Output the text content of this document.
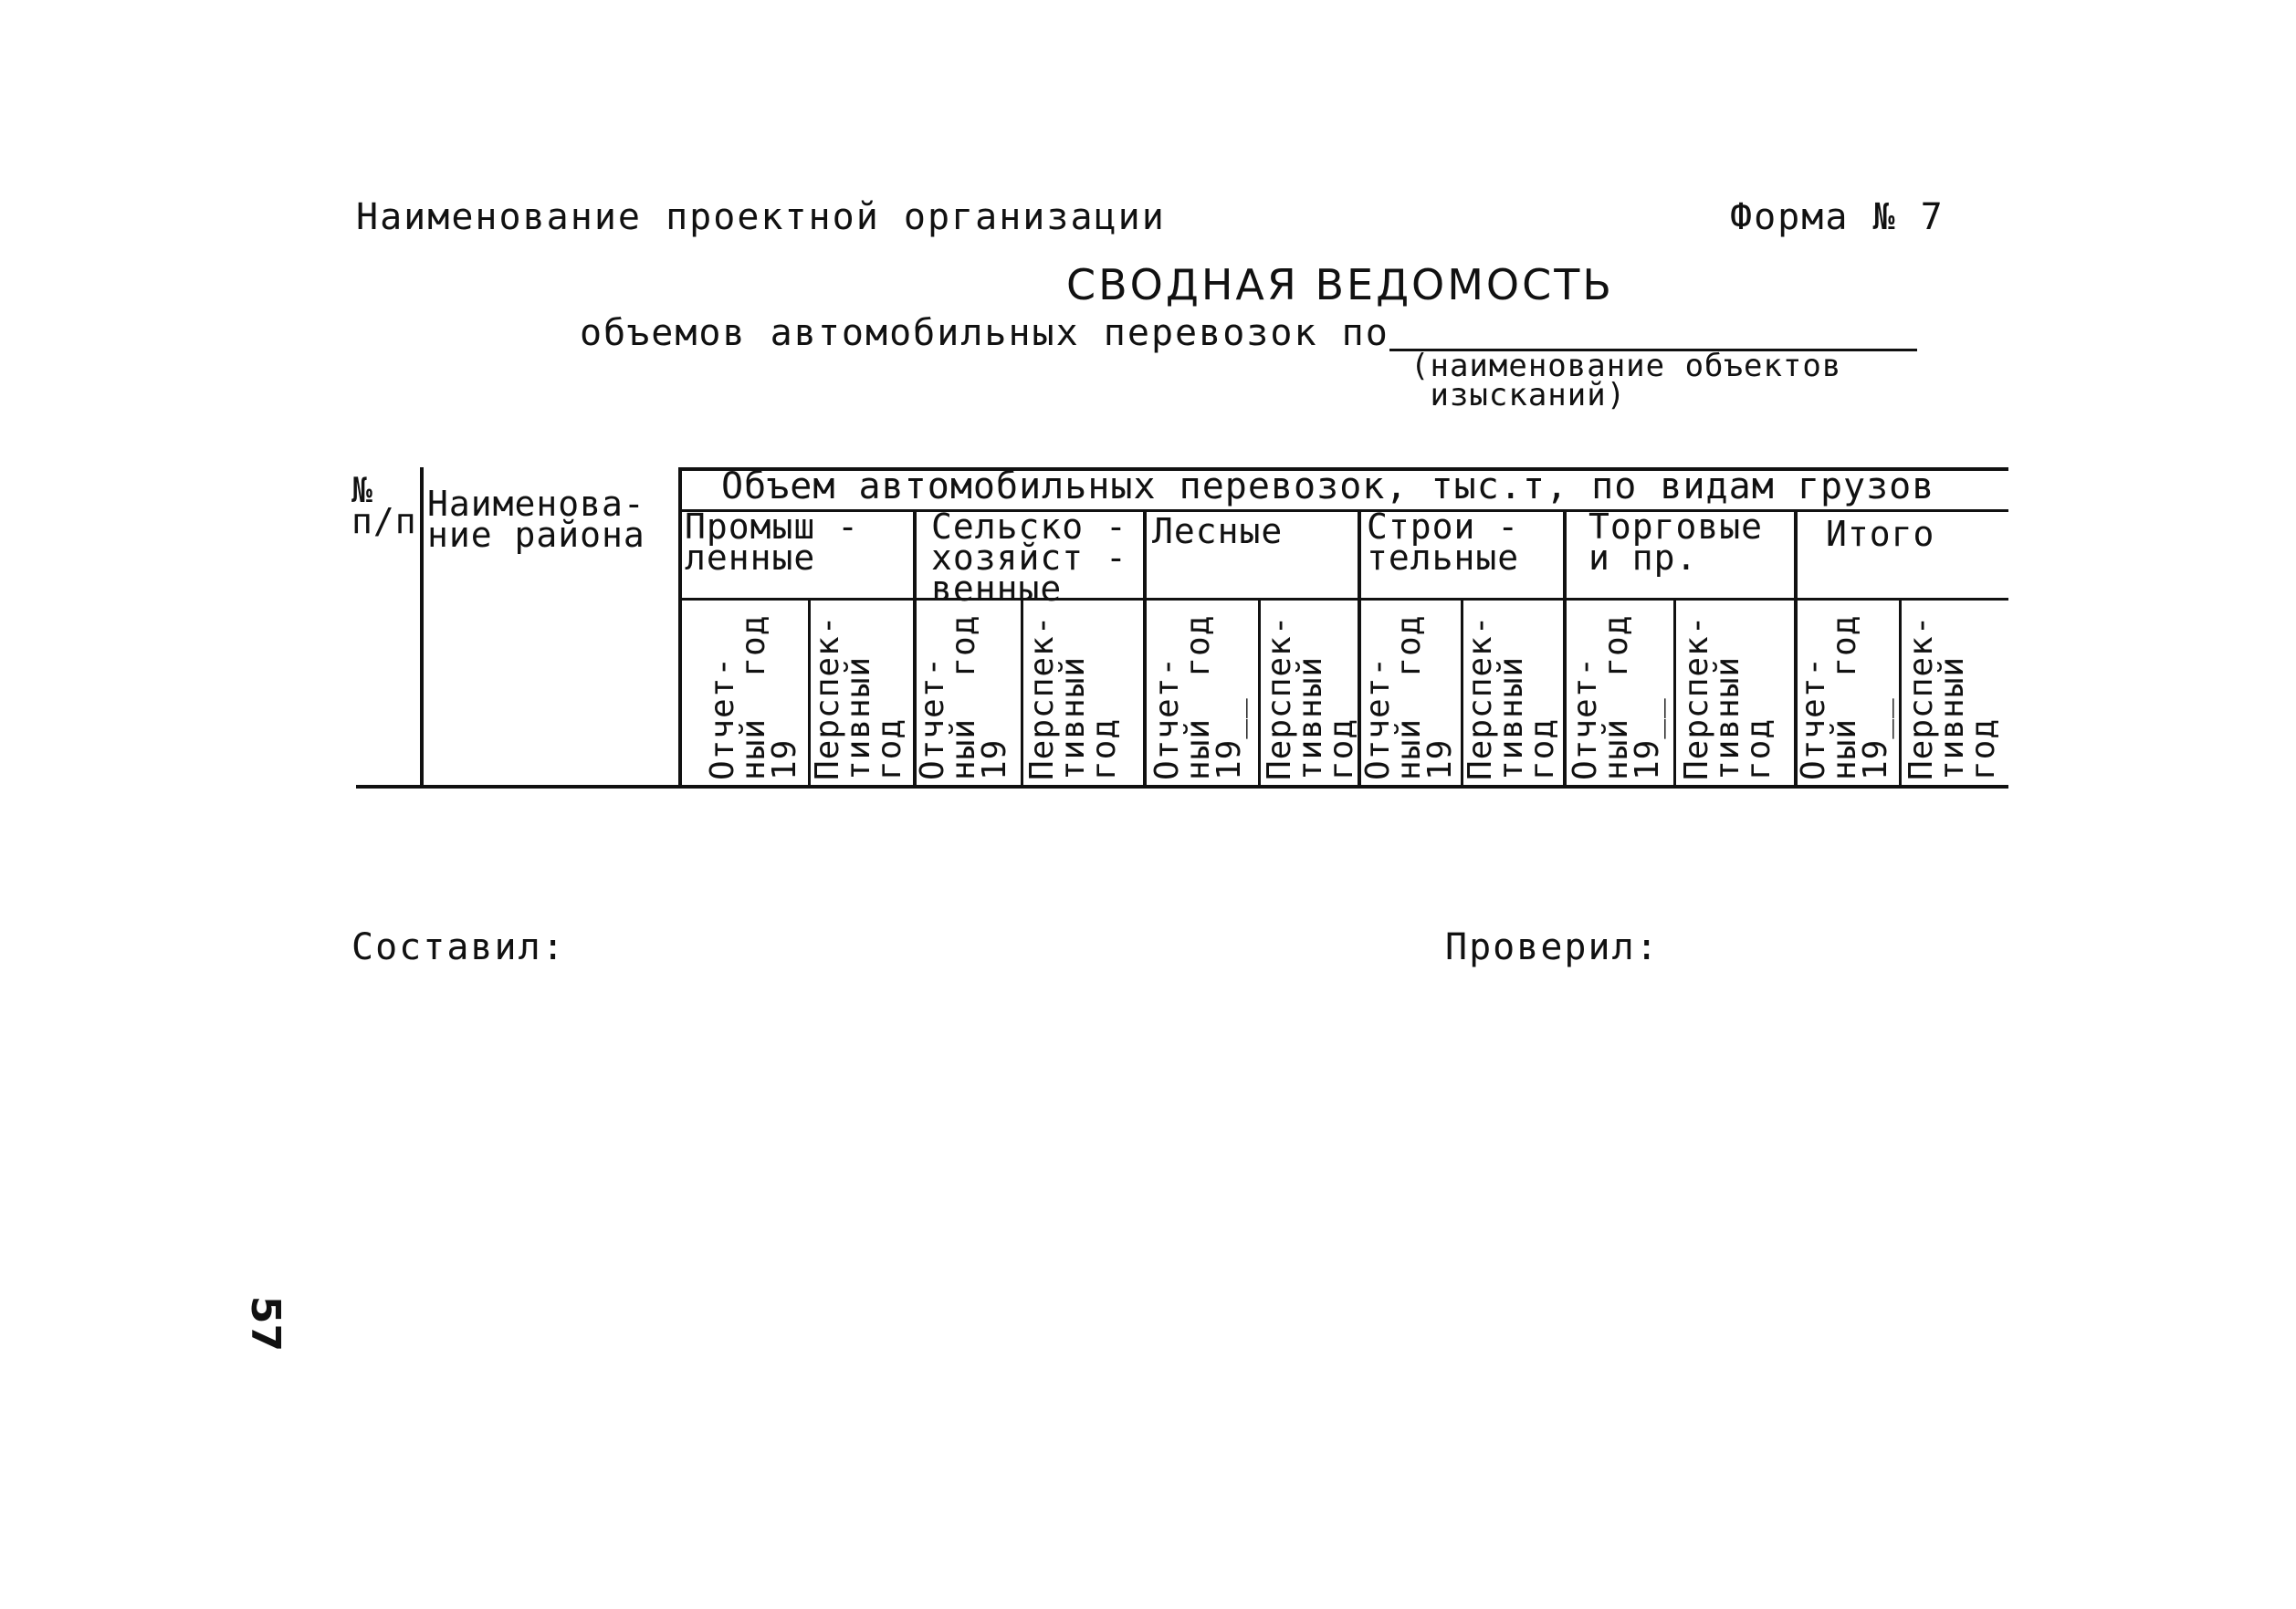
Наименование проектной организации	Форма № 7
СВОДНАЯ ВЕДОМОСТЬ
объемов автомобильных перевозок по
(наименование объектов
изысканий)
№
п/п Наименова-
ние района
Объем автомобильных перевозок, тыс.т, по видам грузов
Промыш -
ленные
Сельско -
хозяйст -
венные
Лесные Строи -
тельные
Торговые
и пр.
Итого
Отчет-
ный  год
19 Перспек-
тивный
год Отчет-
ный  год
19 Перспек-
тивный
год Отчет-
ный  год
19__ Перспек-
тивный
год Отчет-
ный  год
19 Перспек-
тивный
год Отчет-
ный  год
19__ Перспек-
тивный
год Отчет-
ный  год
19__ Перспек-
тивный
год
Составил:	Проверил:
57
